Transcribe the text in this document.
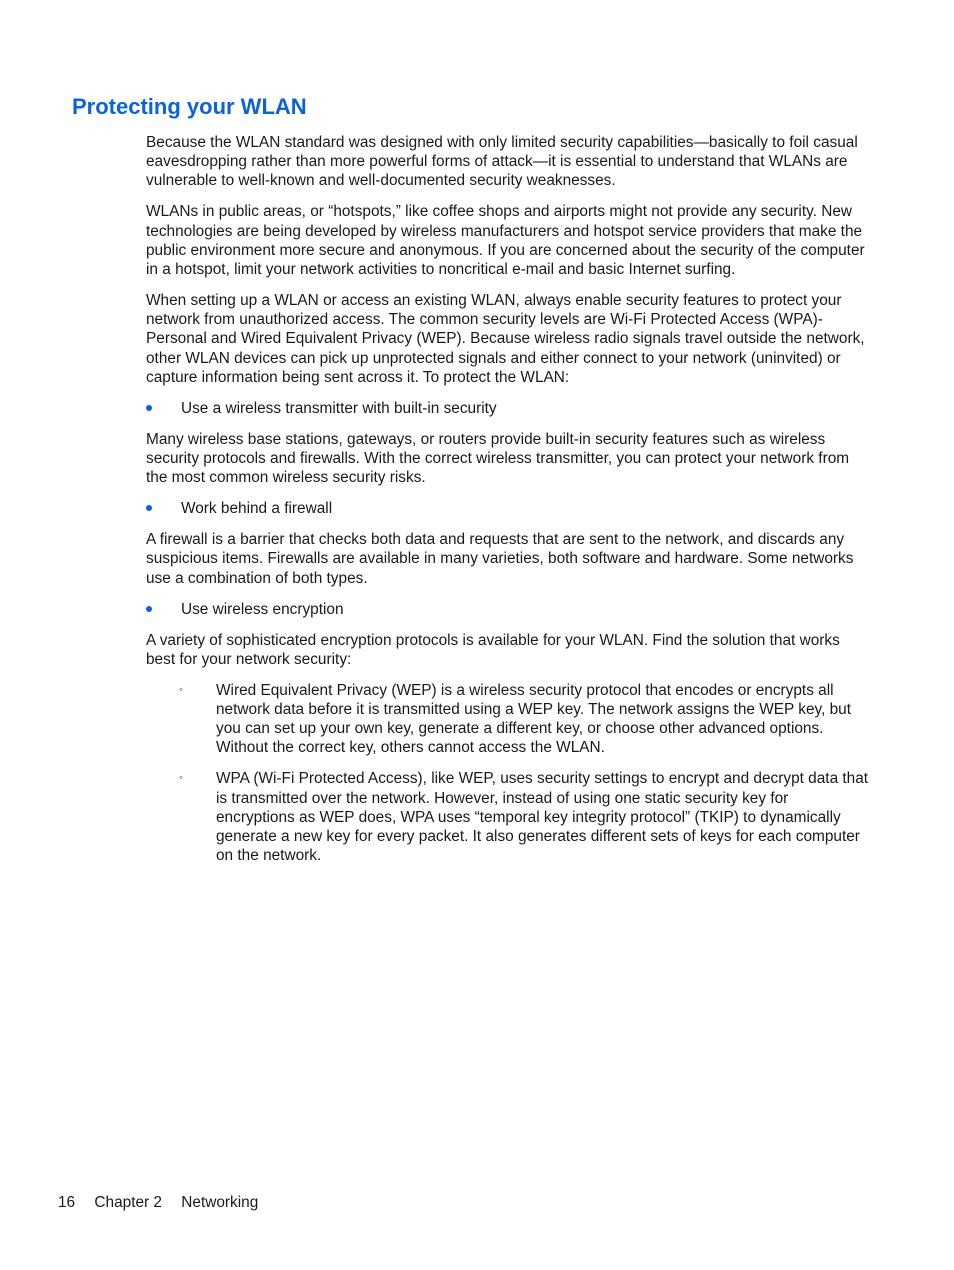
Protecting your WLAN

Because the WLAN standard was designed with only limited security capabilities—basically to foil casual eavesdropping rather than more powerful forms of attack—it is essential to understand that WLANs are vulnerable to well-known and well-documented security weaknesses.

WLANs in public areas, or “hotspots,” like coffee shops and airports might not provide any security. New technologies are being developed by wireless manufacturers and hotspot service providers that make the public environment more secure and anonymous. If you are concerned about the security of the computer in a hotspot, limit your network activities to noncritical e-mail and basic Internet surfing.

When setting up a WLAN or access an existing WLAN, always enable security features to protect your network from unauthorized access. The common security levels are Wi-Fi Protected Access (WPA)-Personal and Wired Equivalent Privacy (WEP). Because wireless radio signals travel outside the network, other WLAN devices can pick up unprotected signals and either connect to your network (uninvited) or capture information being sent across it. To protect the WLAN:

Use a wireless transmitter with built-in security

Many wireless base stations, gateways, or routers provide built-in security features such as wireless security protocols and firewalls. With the correct wireless transmitter, you can protect your network from the most common wireless security risks.

Work behind a firewall

A firewall is a barrier that checks both data and requests that are sent to the network, and discards any suspicious items. Firewalls are available in many varieties, both software and hardware. Some networks use a combination of both types.

Use wireless encryption

A variety of sophisticated encryption protocols is available for your WLAN. Find the solution that works best for your network security:

◦ Wired Equivalent Privacy (WEP) is a wireless security protocol that encodes or encrypts all network data before it is transmitted using a WEP key. The network assigns the WEP key, but you can set up your own key, generate a different key, or choose other advanced options. Without the correct key, others cannot access the WLAN.
◦ WPA (Wi-Fi Protected Access), like WEP, uses security settings to encrypt and decrypt data that is transmitted over the network. However, instead of using one static security key for encryptions as WEP does, WPA uses “temporal key integrity protocol” (TKIP) to dynamically generate a new key for every packet. It also generates different sets of keys for each computer on the network.
16 Chapter 2 Networking
